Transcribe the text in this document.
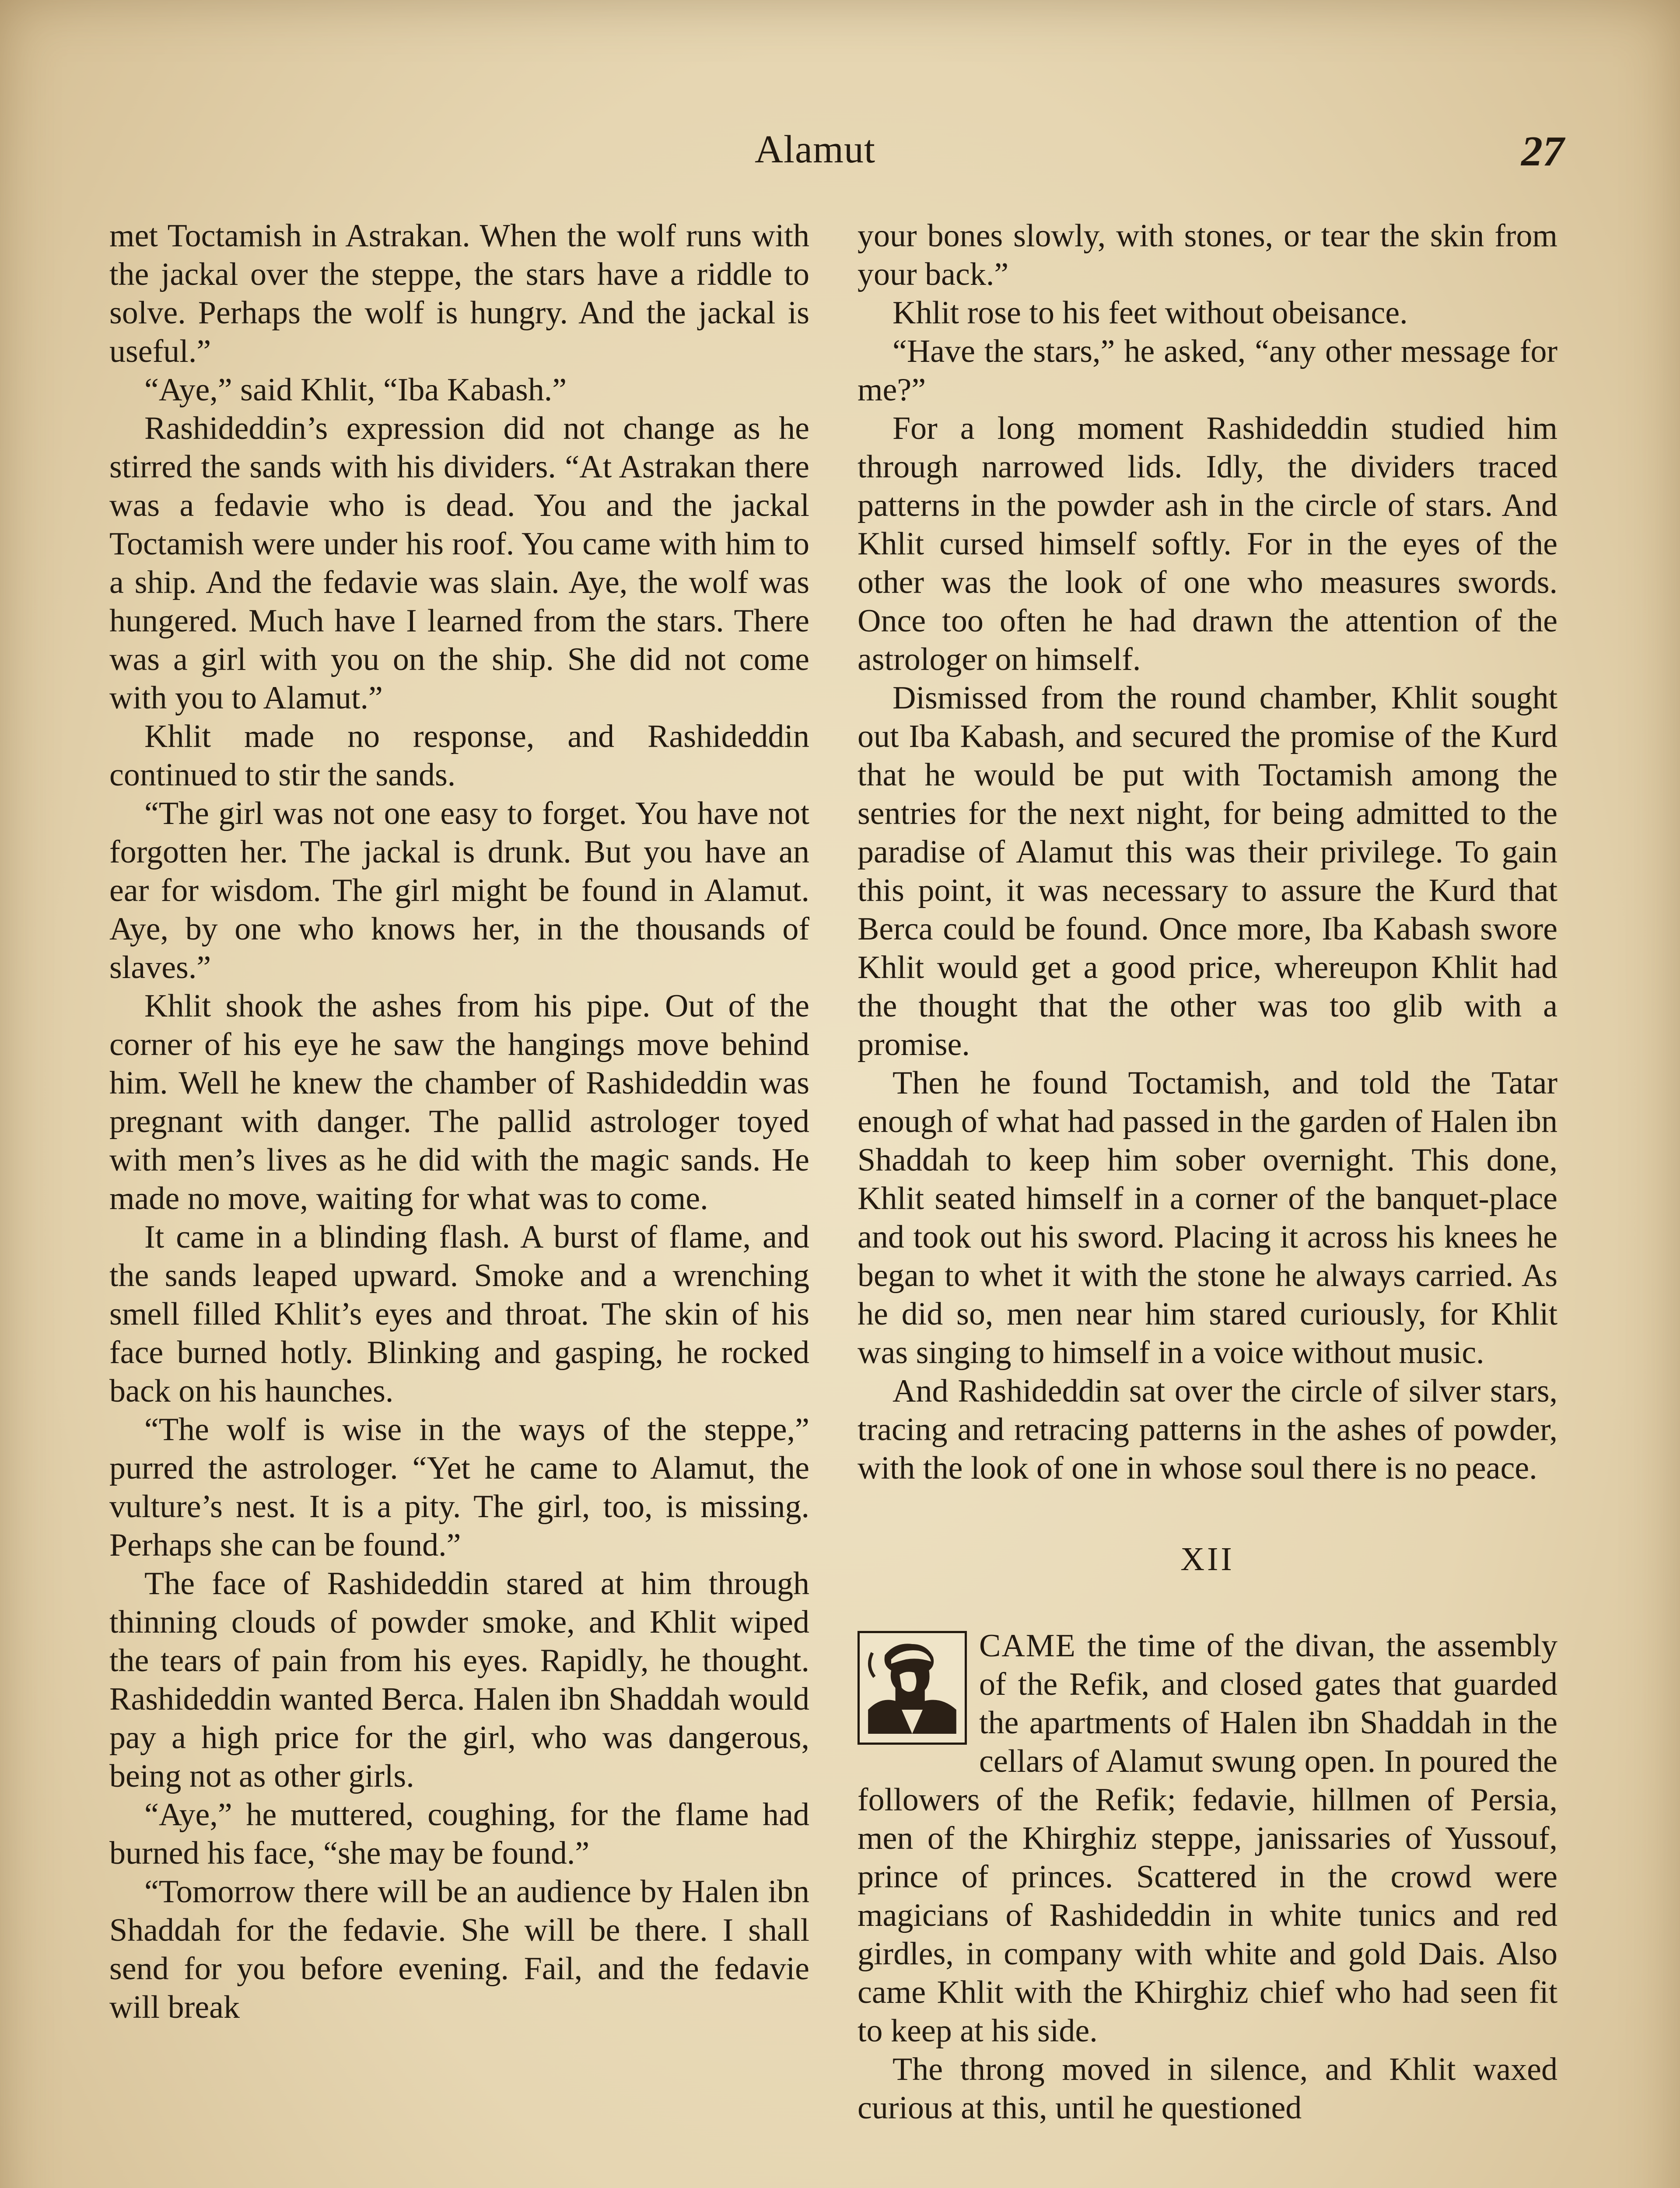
Alamut	27

met Toctamish in Astrakan. When the wolf runs with the jackal over the steppe, the stars have a riddle to solve. Perhaps the wolf is hungry. And the jackal is useful.”

“Aye,” said Khlit, “Iba Kabash.”

Rashideddin’s expression did not change as he stirred the sands with his dividers. “At Astrakan there was a fedavie who is dead. You and the jackal Toctamish were under his roof. You came with him to a ship. And the fedavie was slain. Aye, the wolf was hungered. Much have I learned from the stars. There was a girl with you on the ship. She did not come with you to Alamut.”

Khlit made no response, and Rashideddin continued to stir the sands.

“The girl was not one easy to forget. You have not forgotten her. The jackal is drunk. But you have an ear for wisdom. The girl might be found in Alamut. Aye, by one who knows her, in the thousands of slaves.”

Khlit shook the ashes from his pipe. Out of the corner of his eye he saw the hangings move behind him. Well he knew the chamber of Rashideddin was pregnant with danger. The pallid astrologer toyed with men’s lives as he did with the magic sands. He made no move, waiting for what was to come.

It came in a blinding flash. A burst of flame, and the sands leaped upward. Smoke and a wrenching smell filled Khlit’s eyes and throat. The skin of his face burned hotly. Blinking and gasping, he rocked back on his haunches.

“The wolf is wise in the ways of the steppe,” purred the astrologer. “Yet he came to Alamut, the vulture’s nest. It is a pity. The girl, too, is missing. Perhaps she can be found.”

The face of Rashideddin stared at him through thinning clouds of powder smoke, and Khlit wiped the tears of pain from his eyes. Rapidly, he thought. Rashideddin wanted Berca. Halen ibn Shaddah would pay a high price for the girl, who was dangerous, being not as other girls.

“Aye,” he muttered, coughing, for the flame had burned his face, “she may be found.”

“Tomorrow there will be an audience by Halen ibn Shaddah for the fedavie. She will be there. I shall send for you before evening. Fail, and the fedavie will break

your bones slowly, with stones, or tear the skin from your back.”

Khlit rose to his feet without obeisance.

“Have the stars,” he asked, “any other message for me?”

For a long moment Rashideddin studied him through narrowed lids. Idly, the dividers traced patterns in the powder ash in the circle of stars. And Khlit cursed himself softly. For in the eyes of the other was the look of one who measures swords. Once too often he had drawn the attention of the astrologer on himself.

Dismissed from the round chamber, Khlit sought out Iba Kabash, and secured the promise of the Kurd that he would be put with Toctamish among the sentries for the next night, for being admitted to the paradise of Alamut this was their privilege. To gain this point, it was necessary to assure the Kurd that Berca could be found. Once more, Iba Kabash swore Khlit would get a good price, whereupon Khlit had the thought that the other was too glib with a promise.

Then he found Toctamish, and told the Tatar enough of what had passed in the garden of Halen ibn Shaddah to keep him sober overnight. This done, Khlit seated himself in a corner of the banquet-place and took out his sword. Placing it across his knees he began to whet it with the stone he always carried. As he did so, men near him stared curiously, for Khlit was singing to himself in a voice without music.

And Rashideddin sat over the circle of silver stars, tracing and retracing patterns in the ashes of powder, with the look of one in whose soul there is no peace.

XII

CAME the time of the divan, the assembly of the Refik, and closed gates that guarded the apartments of Halen ibn Shaddah in the cellars of Alamut swung open. In poured the followers of the Refik; fedavie, hillmen of Persia, men of the Khirghiz steppe, janissaries of Yussouf, prince of princes. Scattered in the crowd were magicians of Rashideddin in white tunics and red girdles, in company with white and gold Dais. Also came Khlit with the Khirghiz chief who had seen fit to keep at his side.

The throng moved in silence, and Khlit waxed curious at this, until he questioned
